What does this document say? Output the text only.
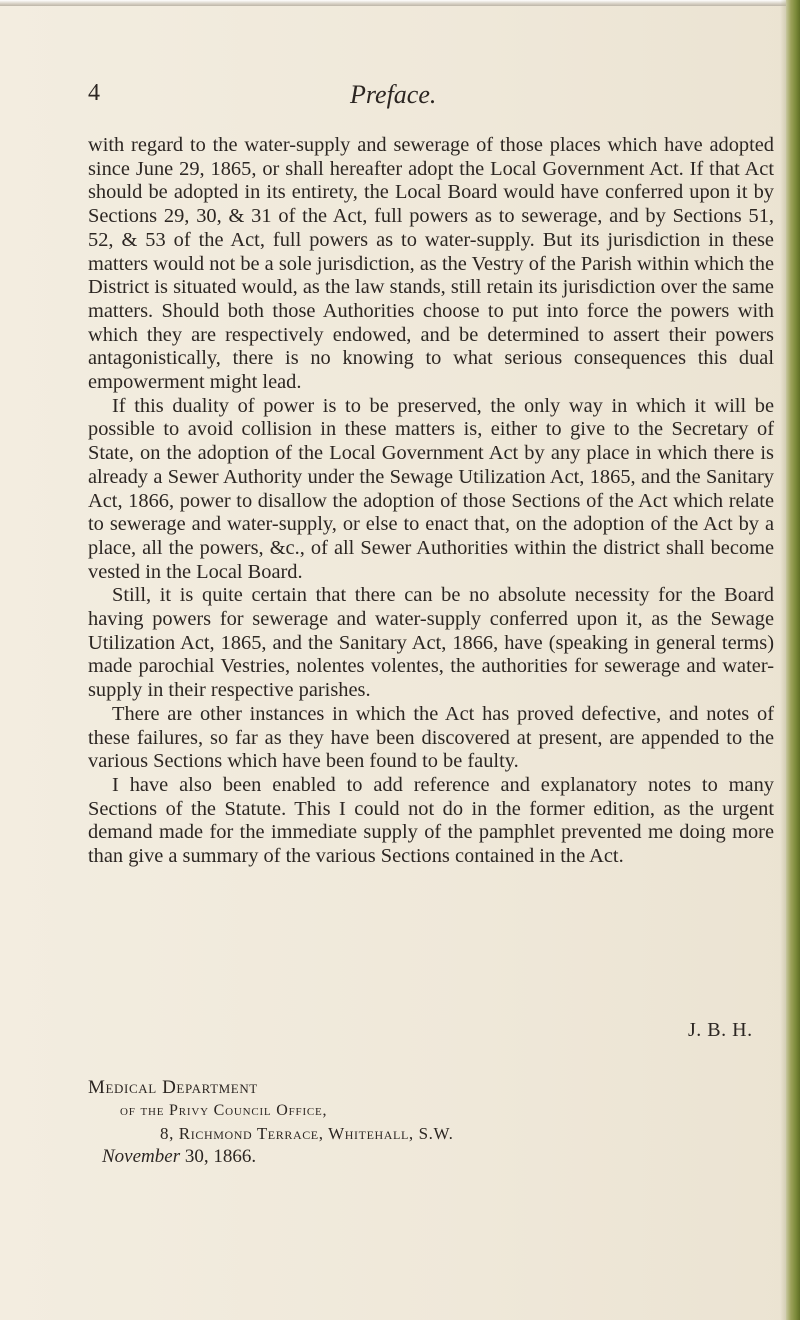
4	Preface.

with regard to the water-supply and sewerage of those places which have adopted since June 29, 1865, or shall hereafter adopt the Local Government Act. If that Act should be adopted in its entirety, the Local Board would have conferred upon it by Sections 29, 30, & 31 of the Act, full powers as to sewerage, and by Sections 51, 52, & 53 of the Act, full powers as to water-supply. But its jurisdiction in these matters would not be a sole jurisdiction, as the Vestry of the Parish within which the District is situated would, as the law stands, still retain its jurisdiction over the same matters. Should both those Authorities choose to put into force the powers with which they are respectively endowed, and be determined to assert their powers antagonistically, there is no knowing to what serious consequences this dual empowerment might lead.

If this duality of power is to be preserved, the only way in which it will be possible to avoid collision in these matters is, either to give to the Secretary of State, on the adoption of the Local Government Act by any place in which there is already a Sewer Authority under the Sewage Utilization Act, 1865, and the Sanitary Act, 1866, power to disallow the adoption of those Sections of the Act which relate to sewerage and water-supply, or else to enact that, on the adoption of the Act by a place, all the powers, &c., of all Sewer Authorities within the district shall become vested in the Local Board.

Still, it is quite certain that there can be no absolute necessity for the Board having powers for sewerage and water-supply conferred upon it, as the Sewage Utilization Act, 1865, and the Sanitary Act, 1866, have (speaking in general terms) made parochial Vestries, nolentes volentes, the authorities for sewerage and water-supply in their respective parishes.

There are other instances in which the Act has proved defective, and notes of these failures, so far as they have been discovered at present, are appended to the various Sections which have been found to be faulty.

I have also been enabled to add reference and explanatory notes to many Sections of the Statute. This I could not do in the former edition, as the urgent demand made for the immediate supply of the pamphlet prevented me doing more than give a summary of the various Sections contained in the Act.

J. B. H.
Medical Department
of the Privy Council Office,
8, Richmond Terrace, Whitehall, S.W.
November 30, 1866.
